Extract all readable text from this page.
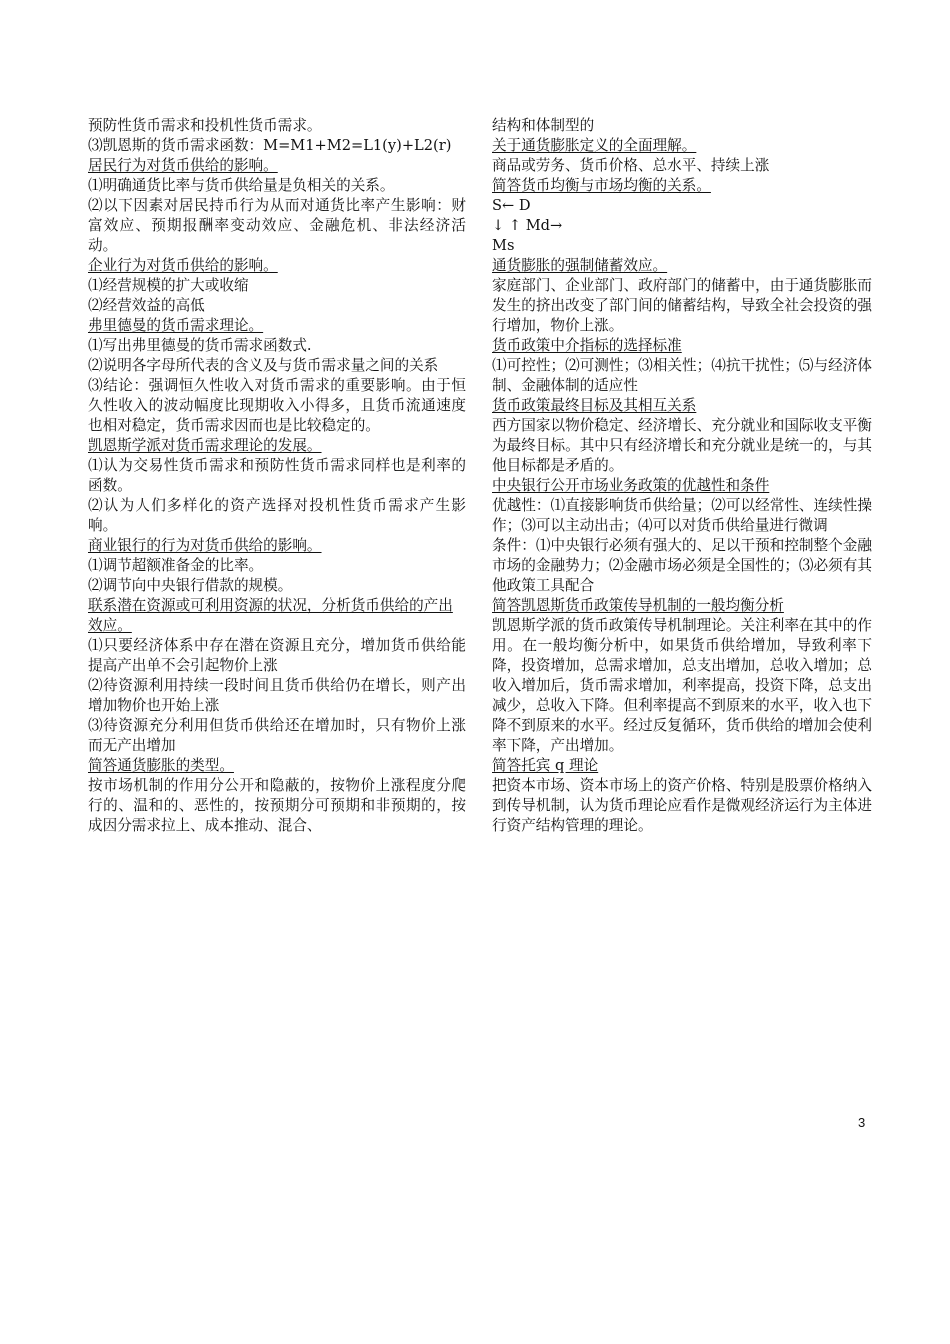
预防性货币需求和投机性货币需求。

⑶凯恩斯的货币需求函数：M=M1+M2=L1(y)+L2(r)

居民行为对货币供给的影响。

⑴明确通货比率与货币供给量是负相关的关系。

⑵以下因素对居民持币行为从而对通货比率产生影响：财富效应、预期报酬率变动效应、金融危机、非法经济活动。

企业行为对货币供给的影响。

⑴经营规模的扩大或收缩

⑵经营效益的高低

弗里德曼的货币需求理论。

⑴写出弗里德曼的货币需求函数式.

⑵说明各字母所代表的含义及与货币需求量之间的关系

⑶结论：强调恒久性收入对货币需求的重要影响。由于恒久性收入的波动幅度比现期收入小得多，且货币流通速度也相对稳定，货币需求因而也是比较稳定的。

凯恩斯学派对货币需求理论的发展。

⑴认为交易性货币需求和预防性货币需求同样也是利率的函数。

⑵认为人们多样化的资产选择对投机性货币需求产生影响。

商业银行的行为对货币供给的影响。

⑴调节超额准备金的比率。

⑵调节向中央银行借款的规模。

联系潜在资源或可利用资源的状况，分析货币供给的产出效应。

⑴只要经济体系中存在潜在资源且充分，增加货币供给能提高产出单不会引起物价上涨

⑵待资源利用持续一段时间且货币供给仍在增长，则产出增加物价也开始上涨

⑶待资源充分利用但货币供给还在增加时，只有物价上涨而无产出增加

简答通货膨胀的类型。

按市场机制的作用分公开和隐蔽的，按物价上涨程度分爬行的、温和的、恶性的，按预期分可预期和非预期的，按成因分需求拉上、成本推动、混合、

结构和体制型的

关于通货膨胀定义的全面理解。

商品或劳务、货币价格、总水平、持续上涨

简答货币均衡与市场均衡的关系。

S← D

↓ ↑ Md→

Ms

通货膨胀的强制储蓄效应。

家庭部门、企业部门、政府部门的储蓄中，由于通货膨胀而发生的挤出改变了部门间的储蓄结构，导致全社会投资的强行增加，物价上涨。

货币政策中介指标的选择标准

⑴可控性；⑵可测性；⑶相关性；⑷抗干扰性；⑸与经济体制、金融体制的适应性

货币政策最终目标及其相互关系

西方国家以物价稳定、经济增长、充分就业和国际收支平衡为最终目标。其中只有经济增长和充分就业是统一的，与其他目标都是矛盾的。

中央银行公开市场业务政策的优越性和条件

优越性：⑴直接影响货币供给量；⑵可以经常性、连续性操作；⑶可以主动出击；⑷可以对货币供给量进行微调

条件：⑴中央银行必须有强大的、足以干预和控制整个金融市场的金融势力；⑵金融市场必须是全国性的；⑶必须有其他政策工具配合

简答凯恩斯货币政策传导机制的一般均衡分析

凯恩斯学派的货币政策传导机制理论。关注利率在其中的作用。在一般均衡分析中，如果货币供给增加，导致利率下降，投资增加，总需求增加，总支出增加，总收入增加；总收入增加后，货币需求增加，利率提高，投资下降，总支出减少，总收入下降。但利率提高不到原来的水平，收入也下降不到原来的水平。经过反复循环，货币供给的增加会使利率下降，产出增加。

简答托宾 q 理论

把资本市场、资本市场上的资产价格、特别是股票价格纳入到传导机制，认为货币理论应看作是微观经济运行为主体进行资产结构管理的理论。

3
